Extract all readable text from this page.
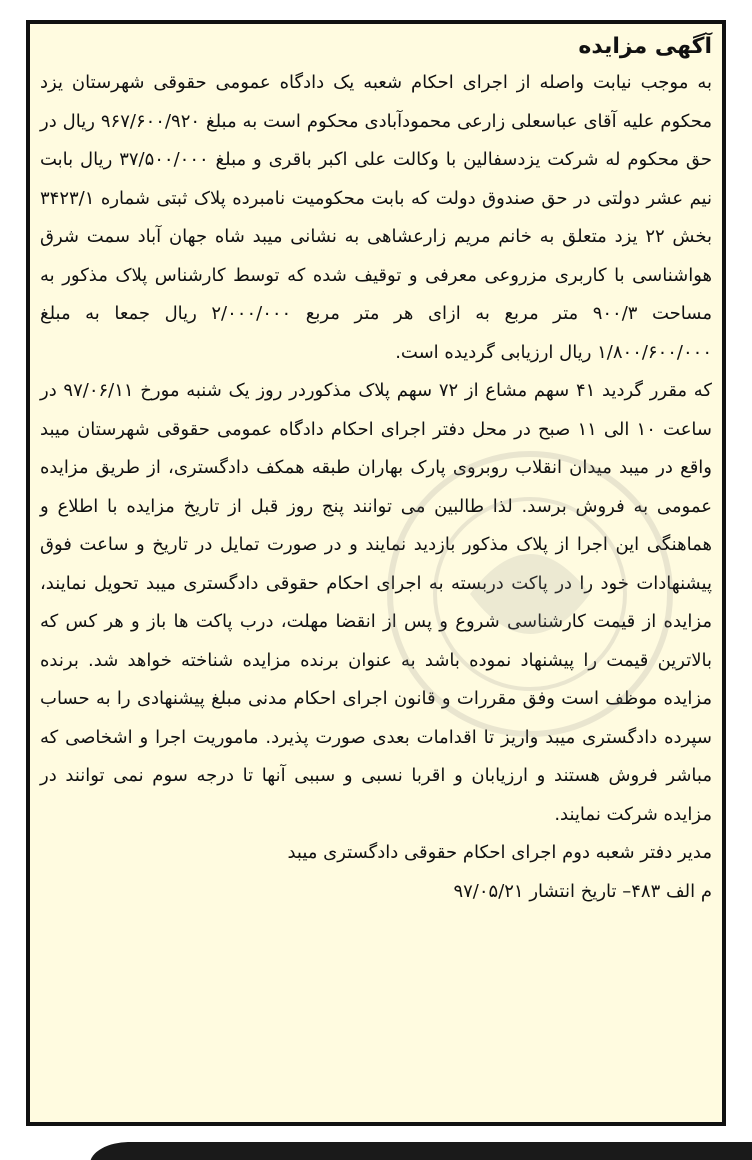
آگهی مزایده

به موجب نیابت واصله از اجرای احکام شعبه یک دادگاه عمومی حقوقی شهرستان یزد محکوم علیه آقای عباسعلی زارعی محمودآبادی محکوم است به مبلغ ۹۶۷/۶۰۰/۹۲۰ ریال در حق محکوم له شرکت یزدسفالین با وکالت علی اکبر باقری و مبلغ ۳۷/۵۰۰/۰۰۰ ریال بابت نیم عشر دولتی در حق صندوق دولت که بابت محکومیت نامبرده پلاک ثبتی شماره ۳۴۲۳/۱ بخش ۲۲ یزد متعلق به خانم مریم زارعشاهی به نشانی میبد شاه جهان آباد سمت شرق هواشناسی با کاربری مزروعی معرفی و توقیف شده که توسط کارشناس پلاک مذکور به مساحت ۹۰۰/۳ متر مربع به ازای هر متر مربع ۲/۰۰۰/۰۰۰ ریال جمعا به مبلغ ۱/۸۰۰/۶۰۰/۰۰۰ ریال ارزیابی گردیده است.

که مقرر گردید ۴۱ سهم مشاع از ۷۲ سهم پلاک مذکوردر روز یک شنبه مورخ ۹۷/۰۶/۱۱ در ساعت ۱۰ الی ۱۱ صبح در محل دفتر اجرای احکام دادگاه عمومی حقوقی شهرستان میبد واقع در میبد میدان انقلاب روبروی پارک بهاران طبقه همکف دادگستری، از طریق مزایده عمومی به فروش برسد. لذا طالبین می توانند پنج روز قبل از تاریخ مزایده با اطلاع و هماهنگی این اجرا از پلاک مذکور بازدید نمایند و در صورت تمایل در تاریخ و ساعت فوق پیشنهادات خود را در پاکت دربسته به اجرای احکام حقوقی دادگستری میبد تحویل نمایند، مزایده از قیمت کارشناسی شروع و پس از انقضا مهلت، درب پاکت ها باز و هر کس که بالاترین قیمت را پیشنهاد نموده باشد به عنوان برنده مزایده شناخته خواهد شد. برنده مزایده موظف است وفق مقررات و قانون اجرای احکام مدنی مبلغ پیشنهادی را به حساب سپرده دادگستری میبد واریز تا اقدامات بعدی صورت پذیرد. ماموریت اجرا و اشخاصی که مباشر فروش هستند و ارزیابان و اقربا نسبی و سببی آنها تا درجه سوم نمی توانند در مزایده شرکت نمایند.

مدیر دفتر شعبه دوم اجرای احکام حقوقی دادگستری میبد

م الف ۴۸۳– تاریخ انتشار ۹۷/۰۵/۲۱
